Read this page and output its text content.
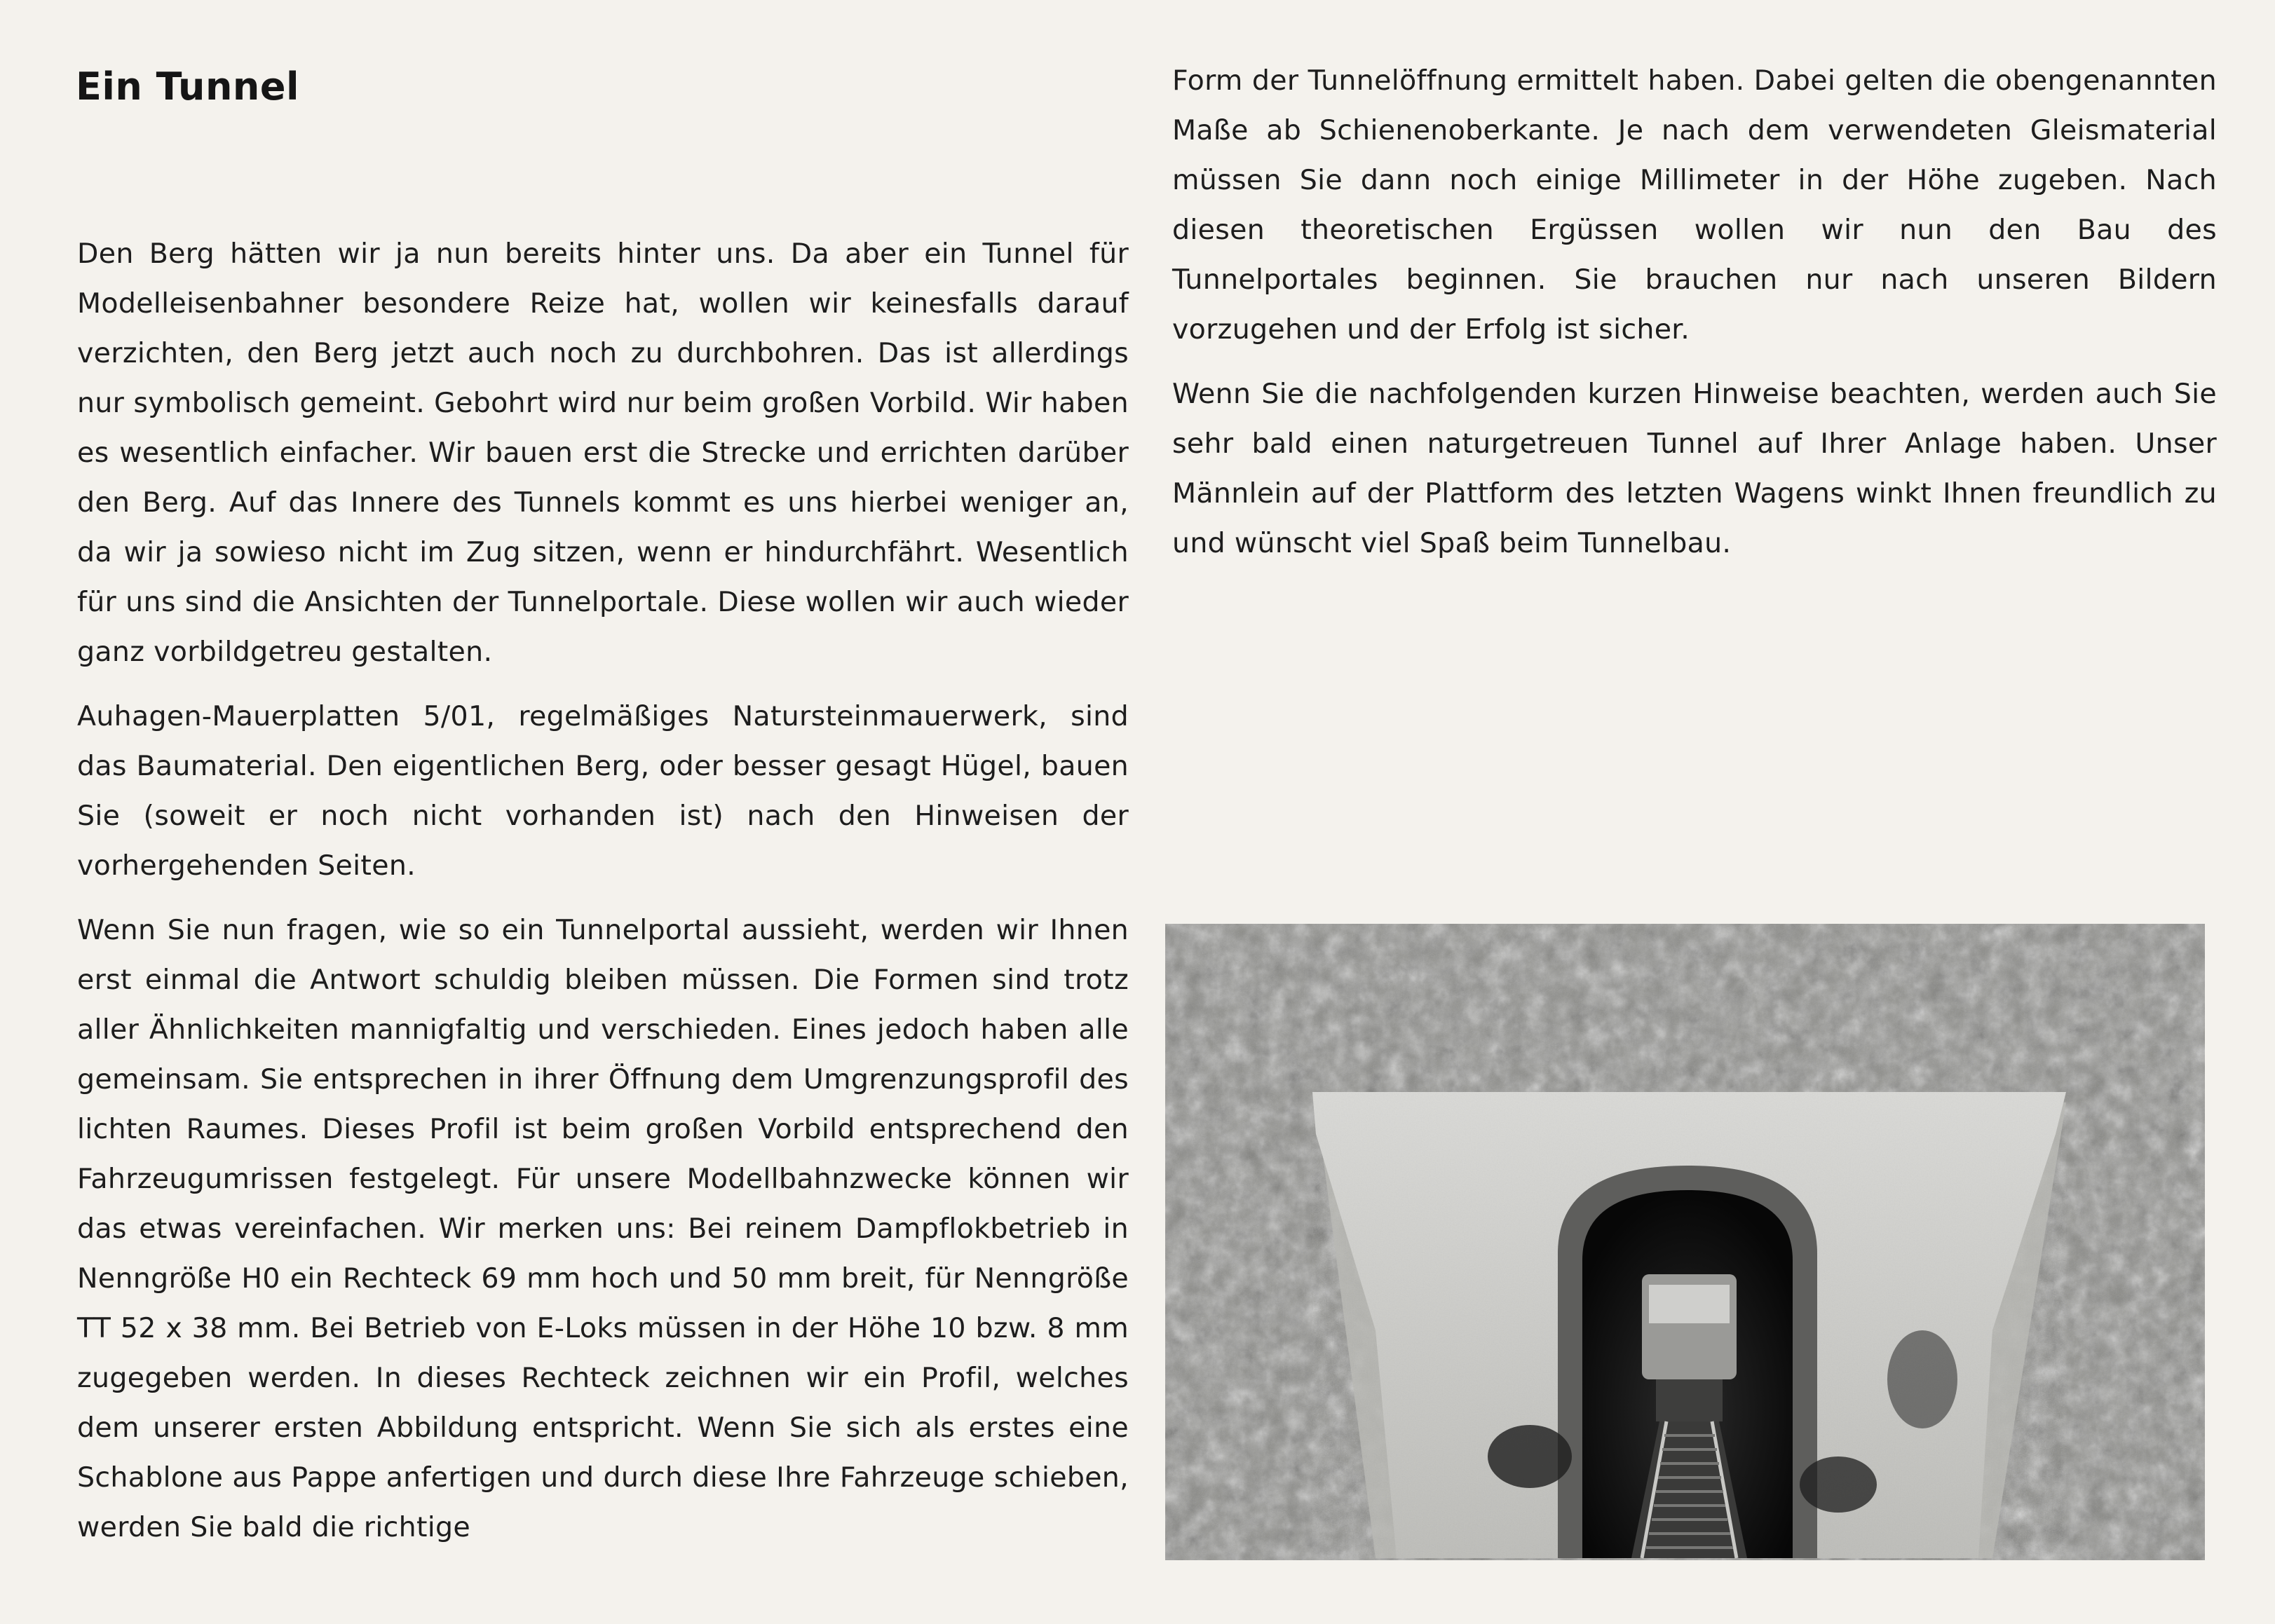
Ein Tunnel

Den Berg hätten wir ja nun bereits hinter uns. Da aber ein Tunnel für Modelleisenbahner besondere Reize hat, wollen wir keinesfalls darauf verzichten, den Berg jetzt auch noch zu durchbohren. Das ist allerdings nur symbolisch gemeint. Gebohrt wird nur beim großen Vorbild. Wir haben es wesentlich einfacher. Wir bauen erst die Strecke und errichten darüber den Berg. Auf das Innere des Tunnels kommt es uns hierbei weniger an, da wir ja sowieso nicht im Zug sitzen, wenn er hindurchfährt. Wesentlich für uns sind die Ansichten der Tunnelportale. Diese wollen wir auch wieder ganz vorbildgetreu gestalten.

Auhagen-Mauerplatten 5/01, regelmäßiges Natursteinmauerwerk, sind das Baumaterial. Den eigentlichen Berg, oder besser gesagt Hügel, bauen Sie (soweit er noch nicht vorhanden ist) nach den Hinweisen der vorhergehenden Seiten.

Wenn Sie nun fragen, wie so ein Tunnelportal aussieht, werden wir Ihnen erst einmal die Antwort schuldig bleiben müssen. Die Formen sind trotz aller Ähnlichkeiten mannigfaltig und verschieden. Eines jedoch haben alle gemeinsam. Sie entsprechen in ihrer Öffnung dem Umgrenzungsprofil des lichten Raumes. Dieses Profil ist beim großen Vorbild entsprechend den Fahrzeugumrissen festgelegt. Für unsere Modellbahnzwecke können wir das etwas vereinfachen. Wir merken uns: Bei reinem Dampflokbetrieb in Nenngröße H0 ein Rechteck 69 mm hoch und 50 mm breit, für Nenngröße TT 52 x 38 mm. Bei Betrieb von E-Loks müssen in der Höhe 10 bzw. 8 mm zugegeben werden. In dieses Rechteck zeichnen wir ein Profil, welches dem unserer ersten Abbildung entspricht. Wenn Sie sich als erstes eine Schablone aus Pappe anfertigen und durch diese Ihre Fahrzeuge schieben, werden Sie bald die richtige

Form der Tunnelöffnung ermittelt haben. Dabei gelten die obengenannten Maße ab Schienenoberkante. Je nach dem verwendeten Gleismaterial müssen Sie dann noch einige Millimeter in der Höhe zugeben. Nach diesen theoretischen Ergüssen wollen wir nun den Bau des Tunnelportales beginnen. Sie brauchen nur nach unseren Bildern vorzugehen und der Erfolg ist sicher.

Wenn Sie die nachfolgenden kurzen Hinweise beachten, werden auch Sie sehr bald einen naturgetreuen Tunnel auf Ihrer Anlage haben. Unser Männlein auf der Plattform des letzten Wagens winkt Ihnen freundlich zu und wünscht viel Spaß beim Tunnelbau.
